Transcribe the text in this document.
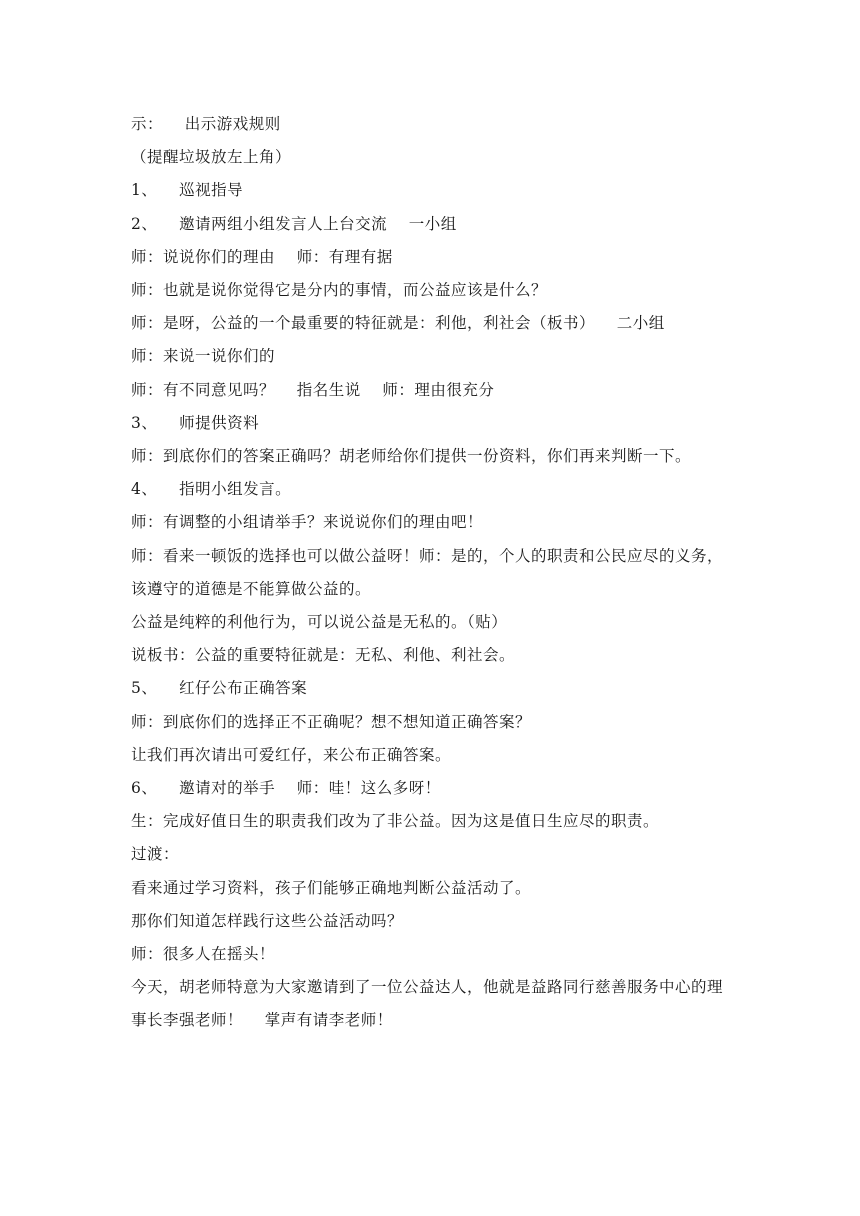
示：    出示游戏规则
（提醒垃圾放左上角）
1、    巡视指导
2、    邀请两组小组发言人上台交流    一小组
师：说说你们的理由    师：有理有据
师：也就是说你觉得它是分内的事情，而公益应该是什么？
师：是呀，公益的一个最重要的特征就是：利他，利社会（板书）    二小组
师：来说一说你们的
师：有不同意见吗？    指名生说    师：理由很充分
3、    师提供资料
师：到底你们的答案正确吗？胡老师给你们提供一份资料，你们再来判断一下。
4、    指明小组发言。
师：有调整的小组请举手？来说说你们的理由吧！
师：看来一顿饭的选择也可以做公益呀！师：是的，个人的职责和公民应尽的义务，该遵守的道德是不能算做公益的。
公益是纯粹的利他行为，可以说公益是无私的。（贴）
说板书：公益的重要特征就是：无私、利他、利社会。
5、    红仔公布正确答案
师：到底你们的选择正不正确呢？想不想知道正确答案？
让我们再次请出可爱红仔，来公布正确答案。
6、    邀请对的举手    师：哇！这么多呀！
生：完成好值日生的职责我们改为了非公益。因为这是值日生应尽的职责。
过渡：
看来通过学习资料，孩子们能够正确地判断公益活动了。
那你们知道怎样践行这些公益活动吗？
师：很多人在摇头！
今天，胡老师特意为大家邀请到了一位公益达人，他就是益路同行慈善服务中心的理事长李强老师！    掌声有请李老师！
